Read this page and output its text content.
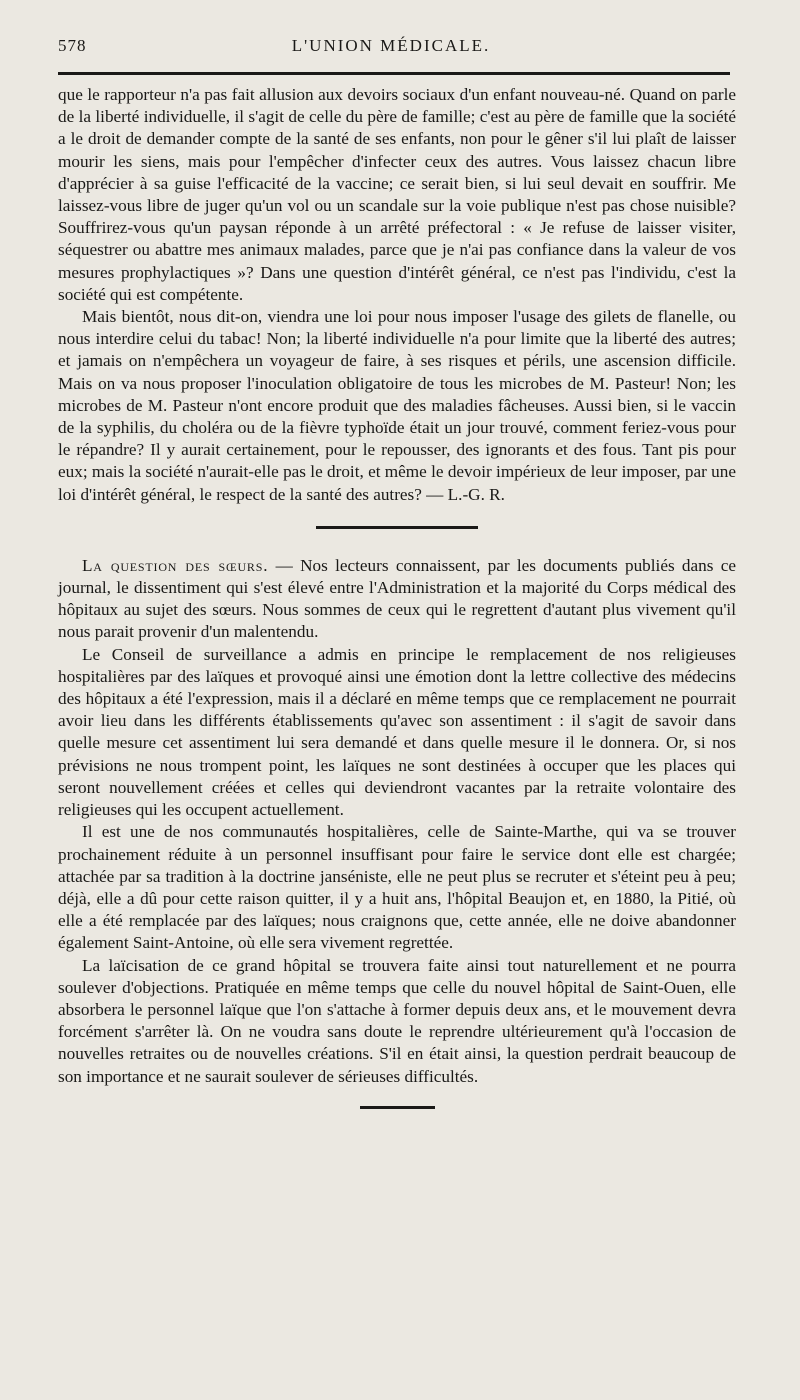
578	L'UNION MÉDICALE.

que le rapporteur n'a pas fait allusion aux devoirs sociaux d'un enfant nouveau-né. Quand on parle de la liberté individuelle, il s'agit de celle du père de famille; c'est au père de famille que la société a le droit de demander compte de la santé de ses enfants, non pour le gêner s'il lui plaît de laisser mourir les siens, mais pour l'empêcher d'infecter ceux des autres. Vous laissez chacun libre d'apprécier à sa guise l'efficacité de la vaccine; ce serait bien, si lui seul devait en souffrir. Me laissez-vous libre de juger qu'un vol ou un scandale sur la voie publique n'est pas chose nuisible? Souffrirez-vous qu'un paysan réponde à un arrêté préfectoral : « Je refuse de laisser visiter, séquestrer ou abattre mes animaux malades, parce que je n'ai pas confiance dans la valeur de vos mesures prophylactiques »? Dans une question d'intérêt général, ce n'est pas l'individu, c'est la société qui est compétente.

Mais bientôt, nous dit-on, viendra une loi pour nous imposer l'usage des gilets de flanelle, ou nous interdire celui du tabac! Non; la liberté individuelle n'a pour limite que la liberté des autres; et jamais on n'empêchera un voyageur de faire, à ses risques et périls, une ascension difficile. Mais on va nous proposer l'inoculation obligatoire de tous les microbes de M. Pasteur! Non; les microbes de M. Pasteur n'ont encore produit que des maladies fâcheuses. Aussi bien, si le vaccin de la syphilis, du choléra ou de la fièvre typhoïde était un jour trouvé, comment feriez-vous pour le répandre? Il y aurait certainement, pour le repousser, des ignorants et des fous. Tant pis pour eux; mais la société n'aurait-elle pas le droit, et même le devoir impérieux de leur imposer, par une loi d'intérêt général, le respect de la santé des autres? — L.-G. R.

La question des sœurs. — Nos lecteurs connaissent, par les documents publiés dans ce journal, le dissentiment qui s'est élevé entre l'Administration et la majorité du Corps médical des hôpitaux au sujet des sœurs. Nous sommes de ceux qui le regrettent d'autant plus vivement qu'il nous parait provenir d'un malentendu.

Le Conseil de surveillance a admis en principe le remplacement de nos religieuses hospitalières par des laïques et provoqué ainsi une émotion dont la lettre collective des médecins des hôpitaux a été l'expression, mais il a déclaré en même temps que ce remplacement ne pourrait avoir lieu dans les différents établissements qu'avec son assentiment : il s'agit de savoir dans quelle mesure cet assentiment lui sera demandé et dans quelle mesure il le donnera. Or, si nos prévisions ne nous trompent point, les laïques ne sont destinées à occuper que les places qui seront nouvellement créées et celles qui deviendront vacantes par la retraite volontaire des religieuses qui les occupent actuellement.

Il est une de nos communautés hospitalières, celle de Sainte-Marthe, qui va se trouver prochainement réduite à un personnel insuffisant pour faire le service dont elle est chargée; attachée par sa tradition à la doctrine janséniste, elle ne peut plus se recruter et s'éteint peu à peu; déjà, elle a dû pour cette raison quitter, il y a huit ans, l'hôpital Beaujon et, en 1880, la Pitié, où elle a été remplacée par des laïques; nous craignons que, cette année, elle ne doive abandonner également Saint-Antoine, où elle sera vivement regrettée.

La laïcisation de ce grand hôpital se trouvera faite ainsi tout naturellement et ne pourra soulever d'objections. Pratiquée en même temps que celle du nouvel hôpital de Saint-Ouen, elle absorbera le personnel laïque que l'on s'attache à former depuis deux ans, et le mouvement devra forcément s'arrêter là. On ne voudra sans doute le reprendre ultérieurement qu'à l'occasion de nouvelles retraites ou de nouvelles créations. S'il en était ainsi, la question perdrait beaucoup de son importance et ne saurait soulever de sérieuses difficultés.
